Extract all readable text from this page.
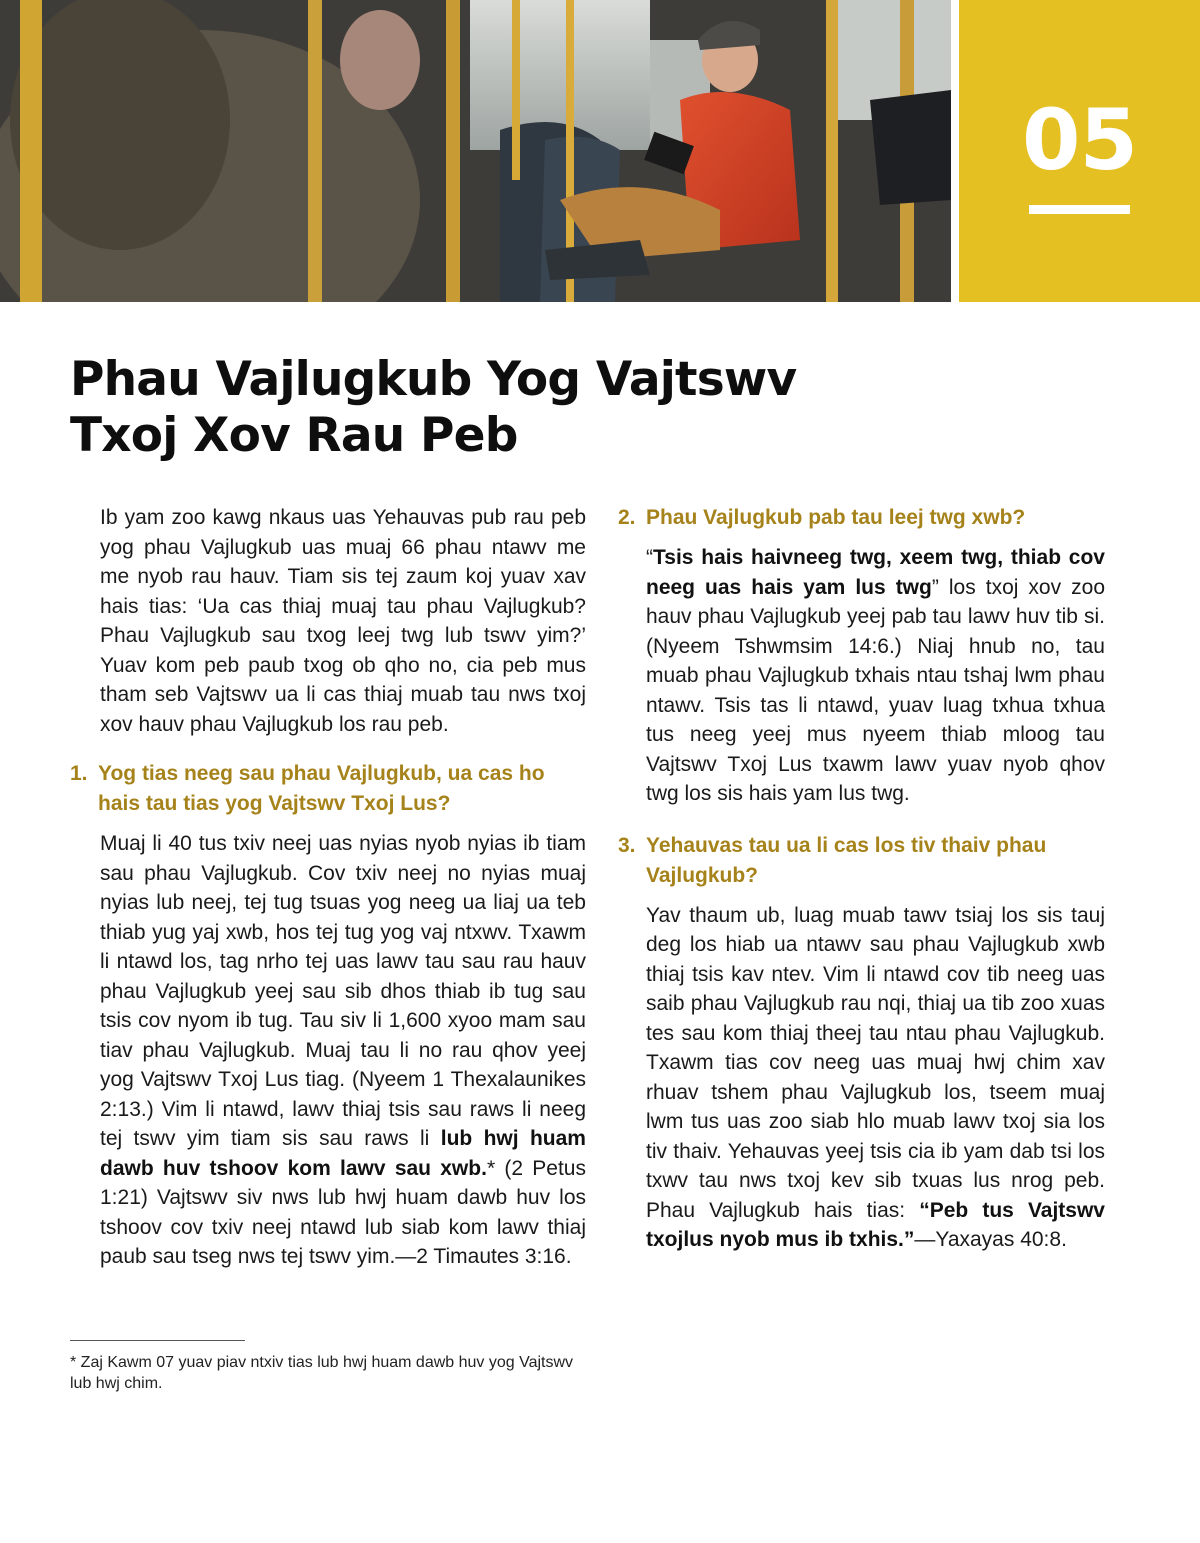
05
Phau Vajlugkub Yog Vajtswv
Txoj Xov Rau Peb

Ib yam zoo kawg nkaus uas Yehauvas pub rau peb yog phau Vajlugkub uas muaj 66 phau ntawv me me nyob rau hauv. Tiam sis tej zaum koj yuav xav hais tias: ‘Ua cas thiaj muaj tau phau Vajlugkub? Phau Vajlugkub sau txog leej twg lub tswv yim?’ Yuav kom peb paub txog ob qho no, cia peb mus tham seb Vajtswv ua li cas thiaj muab tau nws txoj xov hauv phau Vajlugkub los rau peb.

1. Yog tias neeg sau phau Vajlugkub, ua cas ho hais tau tias yog Vajtswv Txoj Lus?

Muaj li 40 tus txiv neej uas nyias nyob nyias ib tiam sau phau Vajlugkub. Cov txiv neej no nyias muaj nyias lub neej, tej tug tsuas yog neeg ua liaj ua teb thiab yug yaj xwb, hos tej tug yog vaj ntxwv. Txawm li ntawd los, tag nrho tej uas lawv tau sau rau hauv phau Vajlugkub yeej sau sib dhos thiab ib tug sau tsis cov nyom ib tug. Tau siv li 1,600 xyoo mam sau tiav phau Vajlugkub. Muaj tau li no rau qhov yeej yog Vajtswv Txoj Lus tiag. (Nyeem 1 Thexalaunikes 2:13.) Vim li ntawd, lawv thiaj tsis sau raws li neeg tej tswv yim tiam sis sau raws li lub hwj huam dawb huv tshoov kom lawv sau xwb.* (2 Petus 1:21) Vajtswv siv nws lub hwj huam dawb huv los tshoov cov txiv neej ntawd lub siab kom lawv thiaj paub sau tseg nws tej tswv yim.—2 Timautes 3:16.

2. Phau Vajlugkub pab tau leej twg xwb?

“Tsis hais haivneeg twg, xeem twg, thiab cov neeg uas hais yam lus twg” los txoj xov zoo hauv phau Vajlugkub yeej pab tau lawv huv tib si. (Nyeem Tshwmsim 14:6.) Niaj hnub no, tau muab phau Vajlugkub txhais ntau tshaj lwm phau ntawv. Tsis tas li ntawd, yuav luag txhua txhua tus neeg yeej mus nyeem thiab mloog tau Vajtswv Txoj Lus txawm lawv yuav nyob qhov twg los sis hais yam lus twg.

3. Yehauvas tau ua li cas los tiv thaiv phau Vajlugkub?

Yav thaum ub, luag muab tawv tsiaj los sis tauj deg los hiab ua ntawv sau phau Vajlugkub xwb thiaj tsis kav ntev. Vim li ntawd cov tib neeg uas saib phau Vajlugkub rau nqi, thiaj ua tib zoo xuas tes sau kom thiaj theej tau ntau phau Vajlugkub. Txawm tias cov neeg uas muaj hwj chim xav rhuav tshem phau Vajlugkub los, tseem muaj lwm tus uas zoo siab hlo muab lawv txoj sia los tiv thaiv. Yehauvas yeej tsis cia ib yam dab tsi los txwv tau nws txoj kev sib txuas lus nrog peb. Phau Vajlugkub hais tias: “Peb tus Vajtswv txojlus nyob mus ib txhis.”—Yaxayas 40:8.

* Zaj Kawm 07 yuav piav ntxiv tias lub hwj huam dawb huv yog Vajtswv lub hwj chim.
